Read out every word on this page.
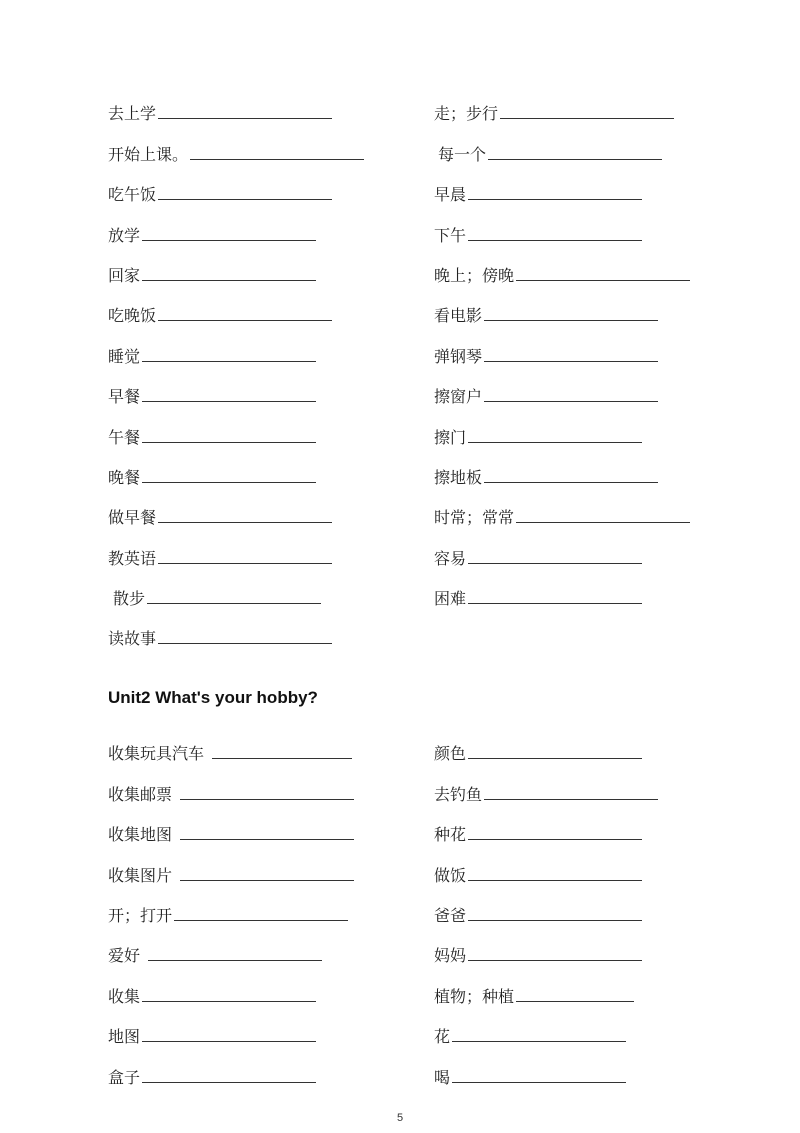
去上学
开始上课。
吃午饭
放学
回家
吃晚饭
睡觉
早餐
午餐
晚餐
做早餐
教英语
散步
读故事
走；步行
每一个
早晨
下午
晚上；傍晚
看电影
弹钢琴
擦窗户
擦门
擦地板
时常；常常
容易
困难
Unit2 What's your hobby?
收集玩具汽车
收集邮票
收集地图
收集图片
开；打开
爱好
收集
地图
盒子
颜色
去钓鱼
种花
做饭
爸爸
妈妈
植物；种植
花
喝
5
